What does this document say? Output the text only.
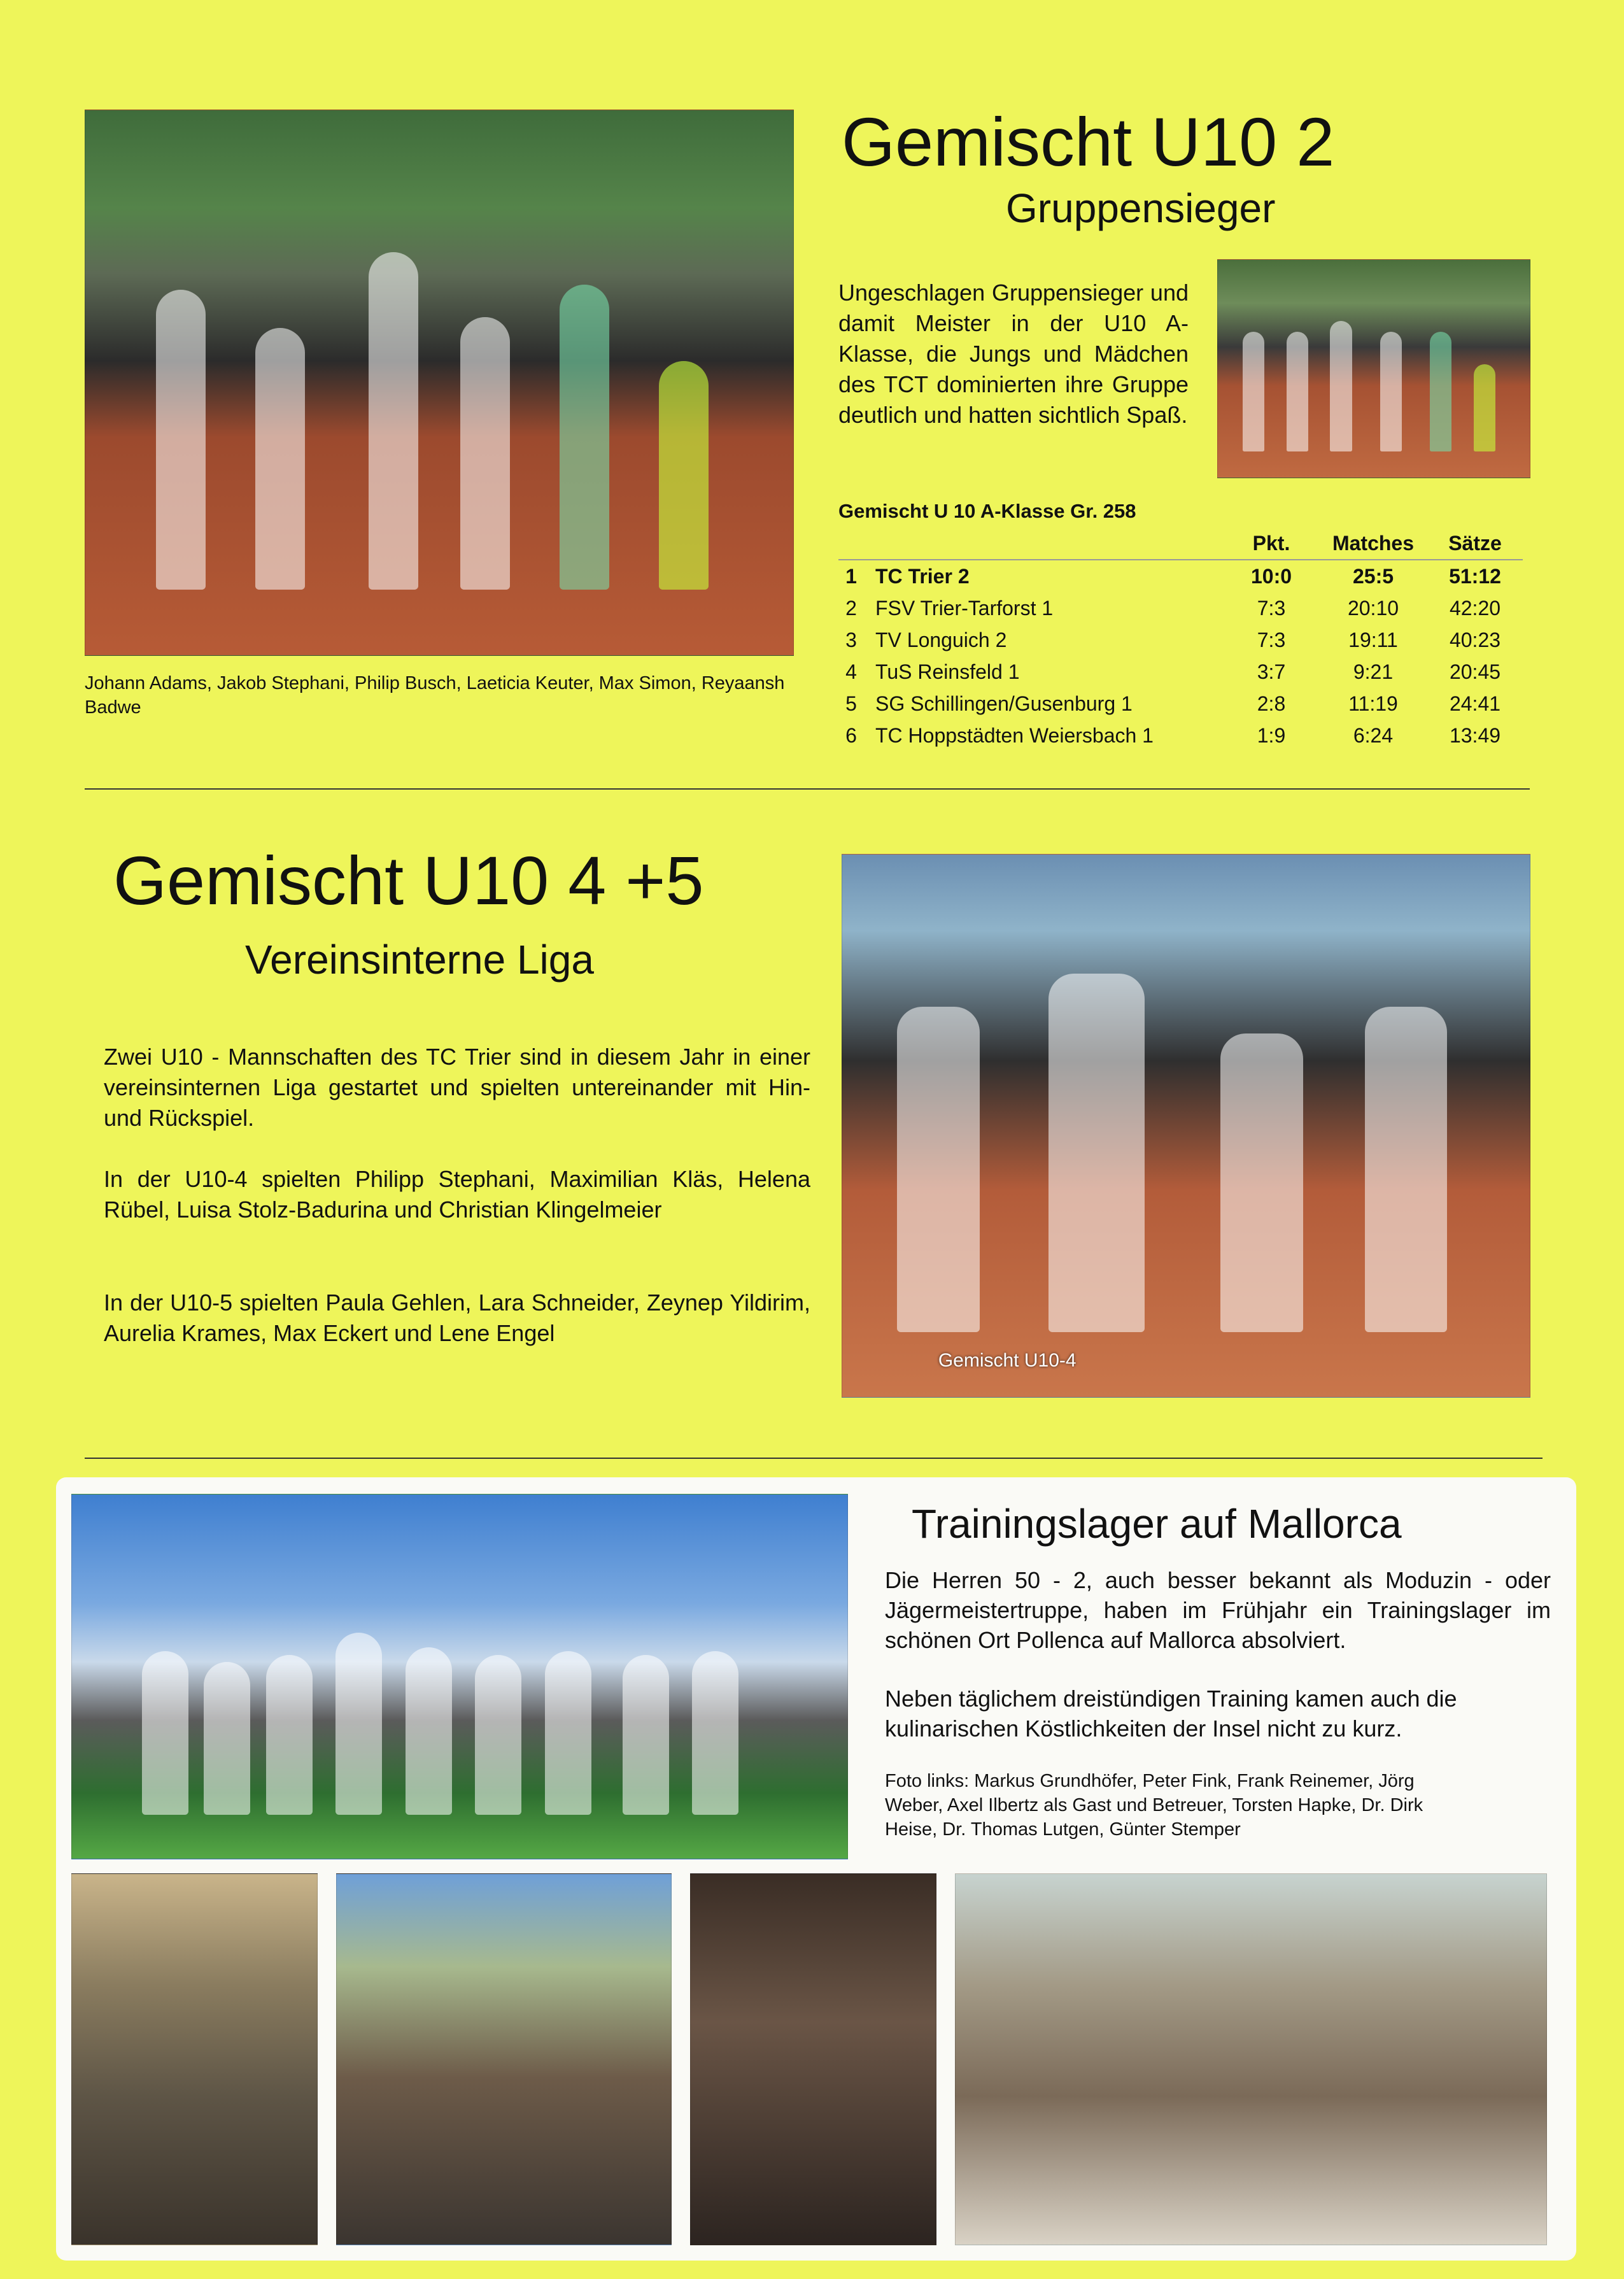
Johann Adams, Jakob Stephani, Philip Busch, Laeticia Keuter, Max Simon, Reyaansh Badwe
Gemischt U10 2
Gruppensieger
Ungeschlagen Gruppensieger und damit Meister in der U10 A-Klasse, die Jungs und Mädchen des TCT dominierten ihre Gruppe deutlich und hatten sichtlich Spaß.
Gemischt U 10 A-Klasse Gr. 258
		Pkt.	Matches	Sätze
1	TC Trier 2	10:0	25:5	51:12
2	FSV Trier-Tarforst 1	7:3	20:10	42:20
3	TV Longuich 2	7:3	19:11	40:23
4	TuS Reinsfeld 1	3:7	9:21	20:45
5	SG Schillingen/Gusenburg 1	2:8	11:19	24:41
6	TC Hoppstädten Weiersbach 1	1:9	6:24	13:49
Gemischt U10 4 +5
Vereinsinterne Liga
Zwei U10 - Mannschaften des TC Trier sind in diesem Jahr in einer vereinsinternen Liga gestartet und spielten untereinander mit Hin- und Rückspiel.
In der U10-4 spielten Philipp Stephani, Maximilian Kläs, Helena Rübel, Luisa Stolz-Badurina und Christian Klingelmeier
In der U10-5 spielten Paula Gehlen, Lara Schneider, Zeynep Yildirim, Aurelia Krames, Max Eckert und Lene Engel
Gemischt U10-4
Trainingslager auf Mallorca
Die Herren 50 - 2, auch besser bekannt als Moduzin - oder Jägermeistertruppe, haben im Frühjahr ein Trainingslager im schönen Ort Pollenca auf Mallorca absolviert.
Neben täglichem dreistündigen Training kamen auch die kulinarischen Köstlichkeiten der Insel nicht zu kurz.
Foto links: Markus Grundhöfer, Peter Fink, Frank Reinemer, Jörg Weber, Axel Ilbertz als Gast und Betreuer, Torsten Hapke, Dr. Dirk Heise, Dr. Thomas Lutgen, Günter Stemper
